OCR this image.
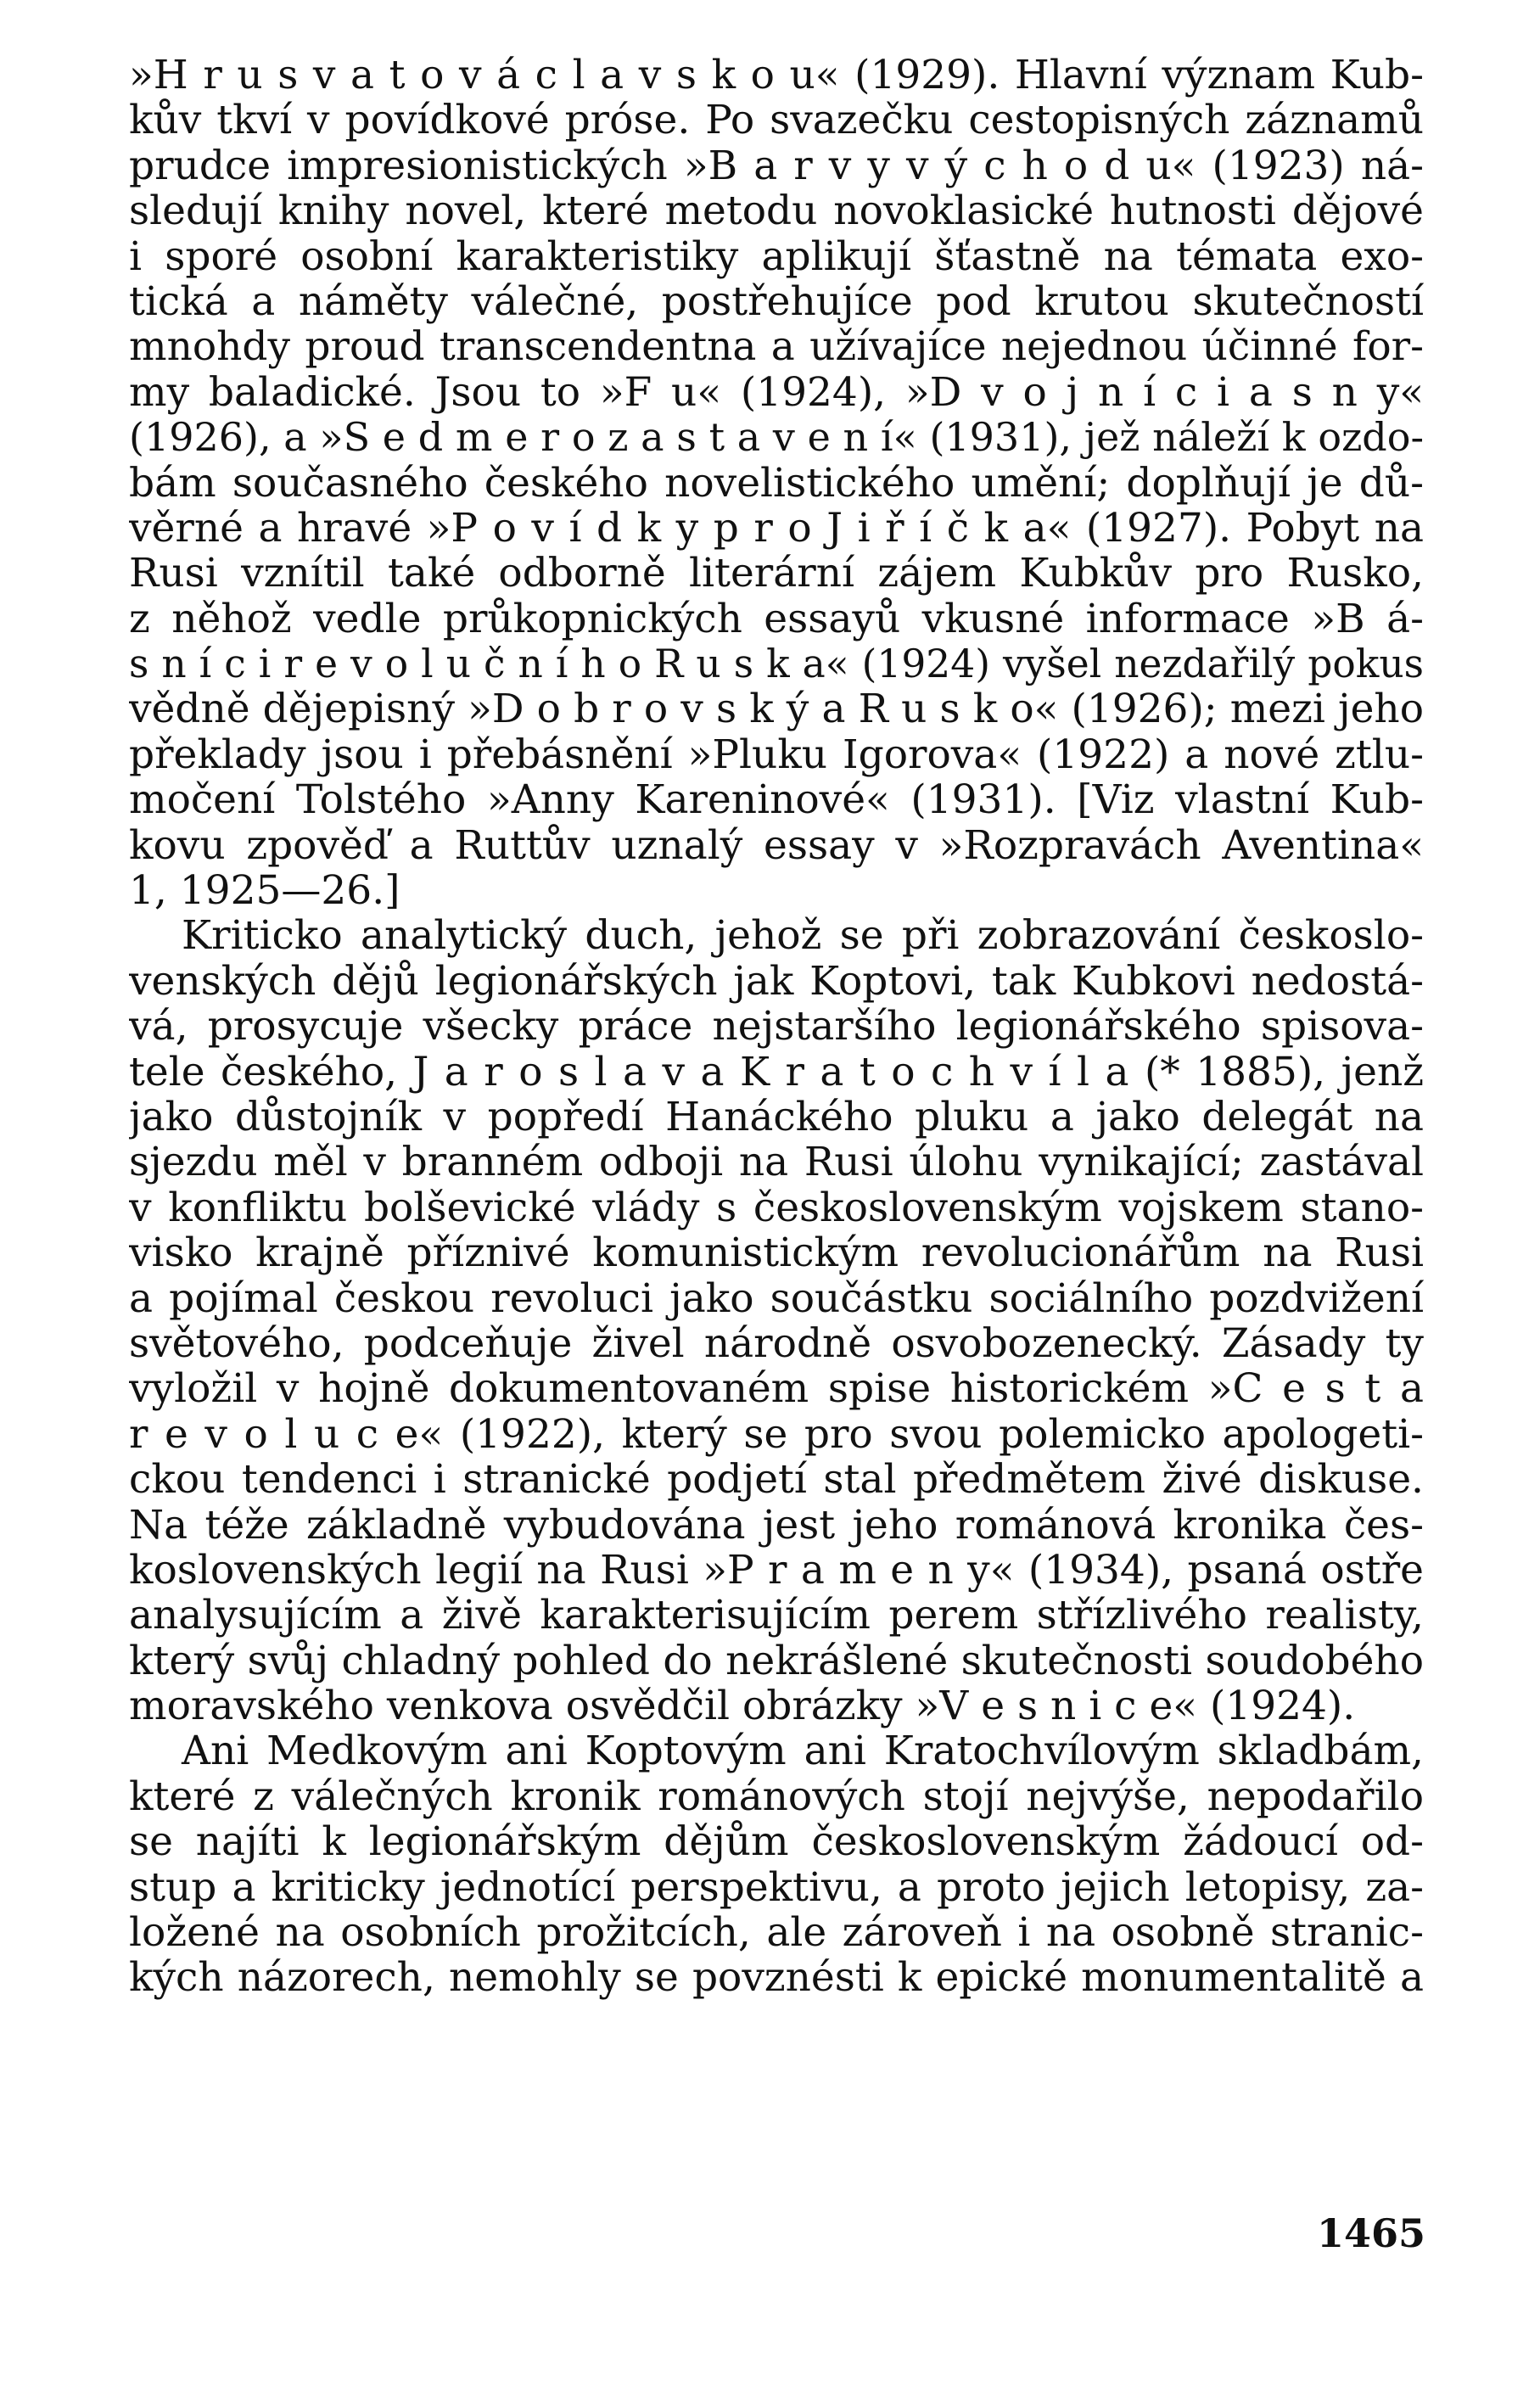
»H r u s v a t o v á c l a v s k o u« (1929). Hlavní význam Kub-
kův tkví v povídkové próse. Po svazečku cestopisných záznamů
prudce impresionistických »B a r v y v ý c h o d u« (1923) ná-
sledují knihy novel, které metodu novoklasické hutnosti dějové
i sporé osobní karakteristiky aplikují šťastně na témata exo-
tická a náměty válečné, postřehujíce pod krutou skutečností
mnohdy proud transcendentna a užívajíce nejednou účinné for-
my baladické. Jsou to »F u« (1924), »D v o j n í c i a s n y«
(1926), a »S e d m e r o z a s t a v e n í« (1931), jež náleží k ozdo-
bám současného českého novelistického umění; doplňují je dů-
věrné a hravé »P o v í d k y p r o J i ř í č k a« (1927). Pobyt na
Rusi vznítil také odborně literární zájem Kubkův pro Rusko,
z něhož vedle průkopnických essayů vkusné informace »B á-
s n í c i r e v o l u č n í h o R u s k a« (1924) vyšel nezdařilý pokus
vědně dějepisný »D o b r o v s k ý a R u s k o« (1926); mezi jeho
překlady jsou i přebásnění »Pluku Igorova« (1922) a nové ztlu-
močení Tolstého »Anny Kareninové« (1931). [Viz vlastní Kub-
kovu zpověď a Ruttův uznalý essay v »Rozpravách Aventina«
1, 1925—26.]
Kriticko analytický duch, jehož se při zobrazování českoslo-
venských dějů legionářských jak Koptovi, tak Kubkovi nedostá-
vá, prosycuje všecky práce nejstaršího legionářského spisova-
tele českého, J a r o s l a v a K r a t o c h v í l a (* 1885), jenž
jako důstojník v popředí Hanáckého pluku a jako delegát na
sjezdu měl v branném odboji na Rusi úlohu vynikající; zastával
v konfliktu bolševické vlády s československým vojskem stano-
visko krajně příznivé komunistickým revolucionářům na Rusi
a pojímal českou revoluci jako součástku sociálního pozdvižení
světového, podceňuje živel národně osvobozenecký. Zásady ty
vyložil v hojně dokumentovaném spise historickém »C e s t a
r e v o l u c e« (1922), který se pro svou polemicko apologeti-
ckou tendenci i stranické podjetí stal předmětem živé diskuse.
Na téže základně vybudována jest jeho románová kronika čes-
koslovenských legií na Rusi »P r a m e n y« (1934), psaná ostře
analysujícím a živě karakterisujícím perem střízlivého realisty,
který svůj chladný pohled do nekrášlené skutečnosti soudobého
moravského venkova osvědčil obrázky »V e s n i c e« (1924).
Ani Medkovým ani Koptovým ani Kratochvílovým skladbám,
které z válečných kronik románových stojí nejvýše, nepodařilo
se najíti k legionářským dějům československým žádoucí od-
stup a kriticky jednotící perspektivu, a proto jejich letopisy, za-
ložené na osobních prožitcích, ale zároveň i na osobně stranic-
kých názorech, nemohly se povznésti k epické monumentalitě a
1465
